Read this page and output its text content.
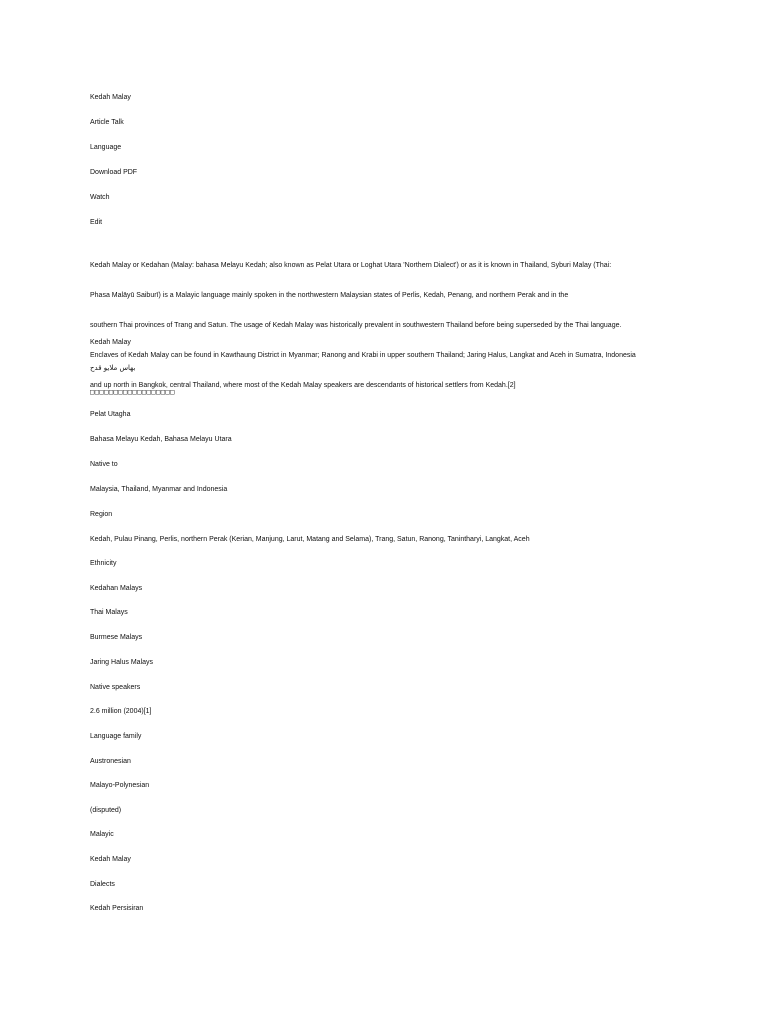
Kedah Malay
Article Talk
Language
Download PDF
Watch
Edit

Kedah Malay or Kedahan (Malay: bahasa Melayu Kedah; also known as Pelat Utara or Loghat Utara 'Northern Dialect') or as it is known in Thailand, Syburi Malay (Thai:

Phasa Malāyū Saiburī) is a Malayic language mainly spoken in the northwestern Malaysian states of Perlis, Kedah, Penang, and northern Perak and in the

southern Thai provinces of Trang and Satun. The usage of Kedah Malay was historically prevalent in southwestern Thailand before being superseded by the Thai language.

Enclaves of Kedah Malay can be found in Kawthaung District in Myanmar; Ranong and Krabi in upper southern Thailand; Jaring Halus, Langkat and Aceh in Sumatra, Indonesia

and up north in Bangkok, central Thailand, where most of the Kedah Malay speakers are descendants of historical settlers from Kedah.[2]

Kedah Malay
بهاس ملايو قدح
□□□□□□□□□□□□□□□□□□
Pelat Utagha
Bahasa Melayu Kedah, Bahasa Melayu Utara
Native to
Malaysia, Thailand, Myanmar and Indonesia
Region
Kedah, Pulau Pinang, Perlis, northern Perak (Kerian, Manjung, Larut, Matang and Selama), Trang, Satun, Ranong, Tanintharyi, Langkat, Aceh
Ethnicity
Kedahan Malays
Thai Malays
Burmese Malays
Jaring Halus Malays
Native speakers
2.6 million (2004)[1]
Language family
Austronesian
Malayo-Polynesian
(disputed)
Malayic
Kedah Malay
Dialects
Kedah Persisiran
